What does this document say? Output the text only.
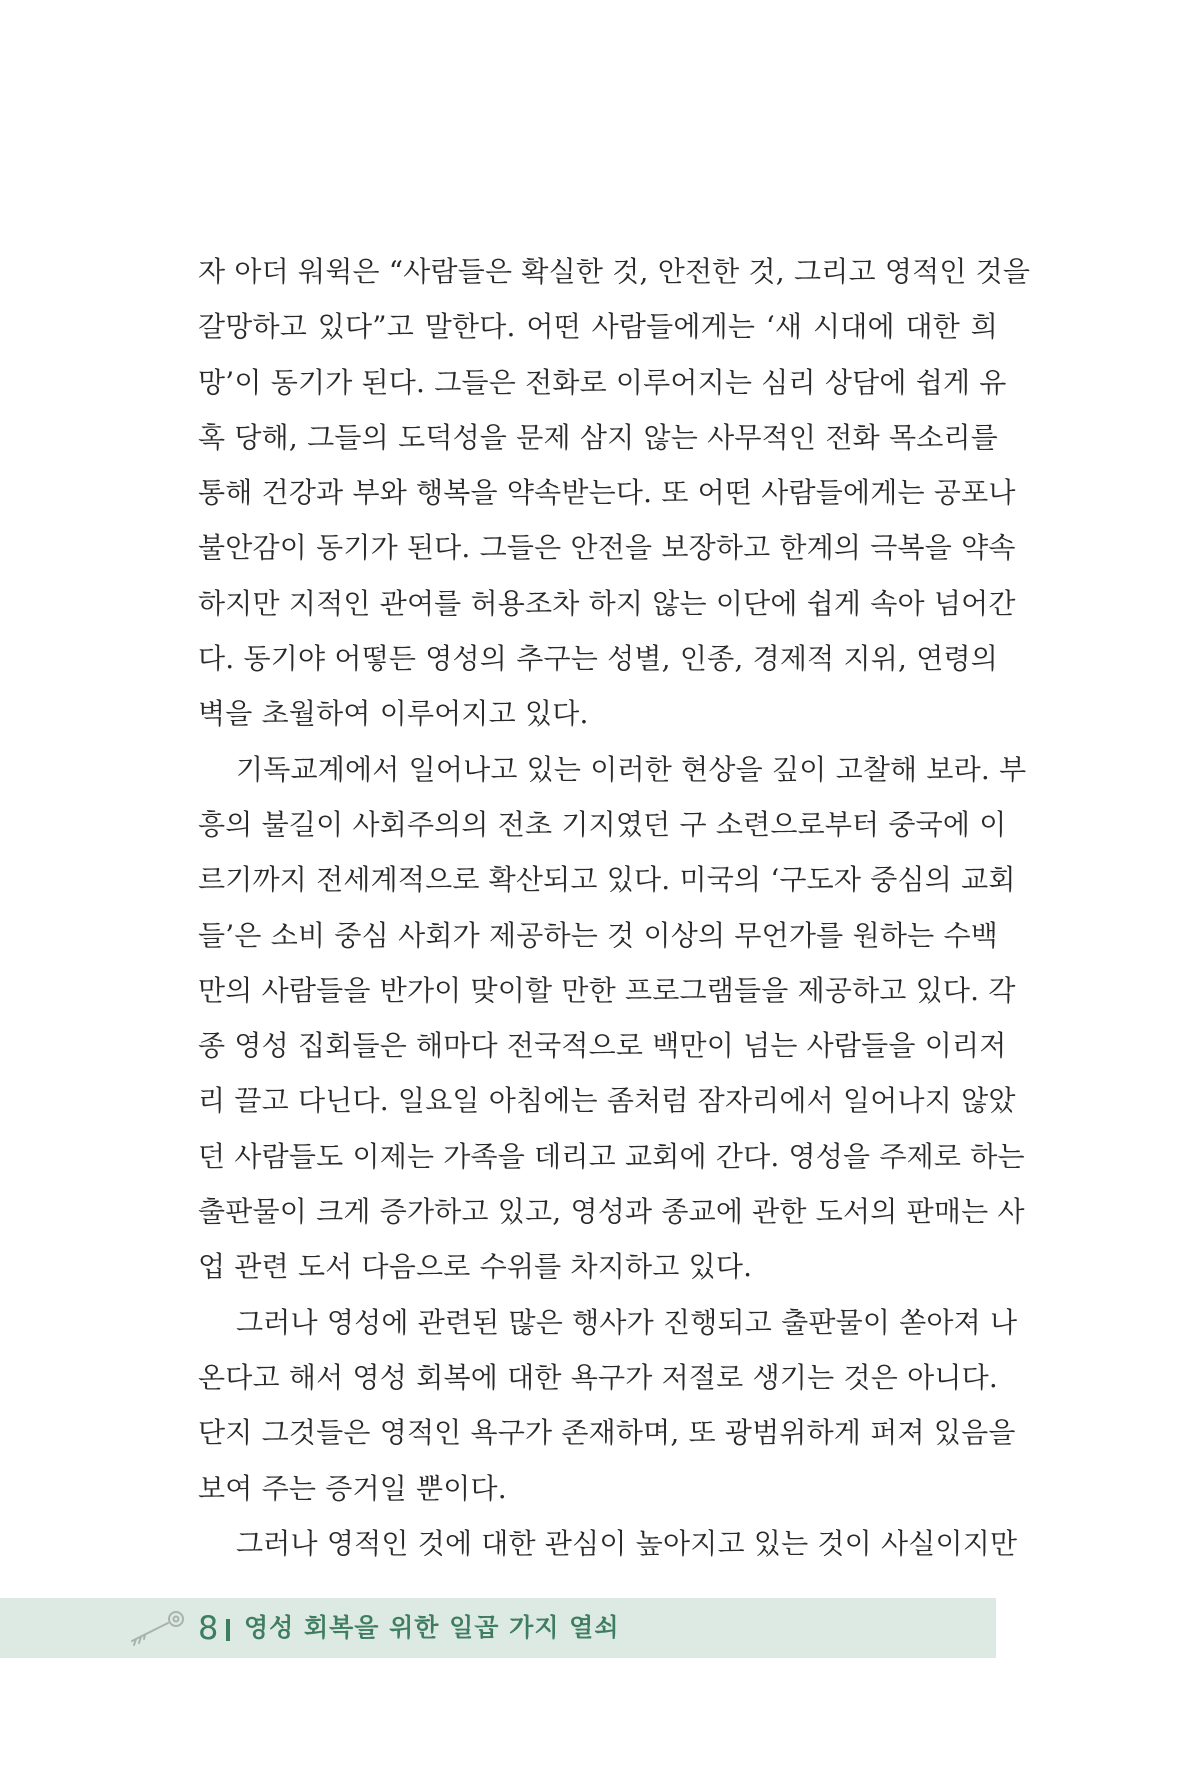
자 아더 워윅은 “사람들은 확실한 것, 안전한 것, 그리고 영적인 것을
갈망하고 있다”고 말한다. 어떤 사람들에게는 ‘새 시대에 대한 희
망’이 동기가 된다. 그들은 전화로 이루어지는 심리 상담에 쉽게 유
혹 당해, 그들의 도덕성을 문제 삼지 않는 사무적인 전화 목소리를
통해 건강과 부와 행복을 약속받는다. 또 어떤 사람들에게는 공포나
불안감이 동기가 된다. 그들은 안전을 보장하고 한계의 극복을 약속
하지만 지적인 관여를 허용조차 하지 않는 이단에 쉽게 속아 넘어간
다. 동기야 어떻든 영성의 추구는 성별, 인종, 경제적 지위, 연령의
벽을 초월하여 이루어지고 있다.
기독교계에서 일어나고 있는 이러한 현상을 깊이 고찰해 보라. 부
흥의 불길이 사회주의의 전초 기지였던 구 소련으로부터 중국에 이
르기까지 전세계적으로 확산되고 있다. 미국의 ‘구도자 중심의 교회
들’은 소비 중심 사회가 제공하는 것 이상의 무언가를 원하는 수백
만의 사람들을 반가이 맞이할 만한 프로그램들을 제공하고 있다. 각
종 영성 집회들은 해마다 전국적으로 백만이 넘는 사람들을 이리저
리 끌고 다닌다. 일요일 아침에는 좀처럼 잠자리에서 일어나지 않았
던 사람들도 이제는 가족을 데리고 교회에 간다. 영성을 주제로 하는
출판물이 크게 증가하고 있고, 영성과 종교에 관한 도서의 판매는 사
업 관련 도서 다음으로 수위를 차지하고 있다.
그러나 영성에 관련된 많은 행사가 진행되고 출판물이 쏟아져 나
온다고 해서 영성 회복에 대한 욕구가 저절로 생기는 것은 아니다.
단지 그것들은 영적인 욕구가 존재하며, 또 광범위하게 퍼져 있음을
보여 주는 증거일 뿐이다.
그러나 영적인 것에 대한 관심이 높아지고 있는 것이 사실이지만
8 영성 회복을 위한 일곱 가지 열쇠
